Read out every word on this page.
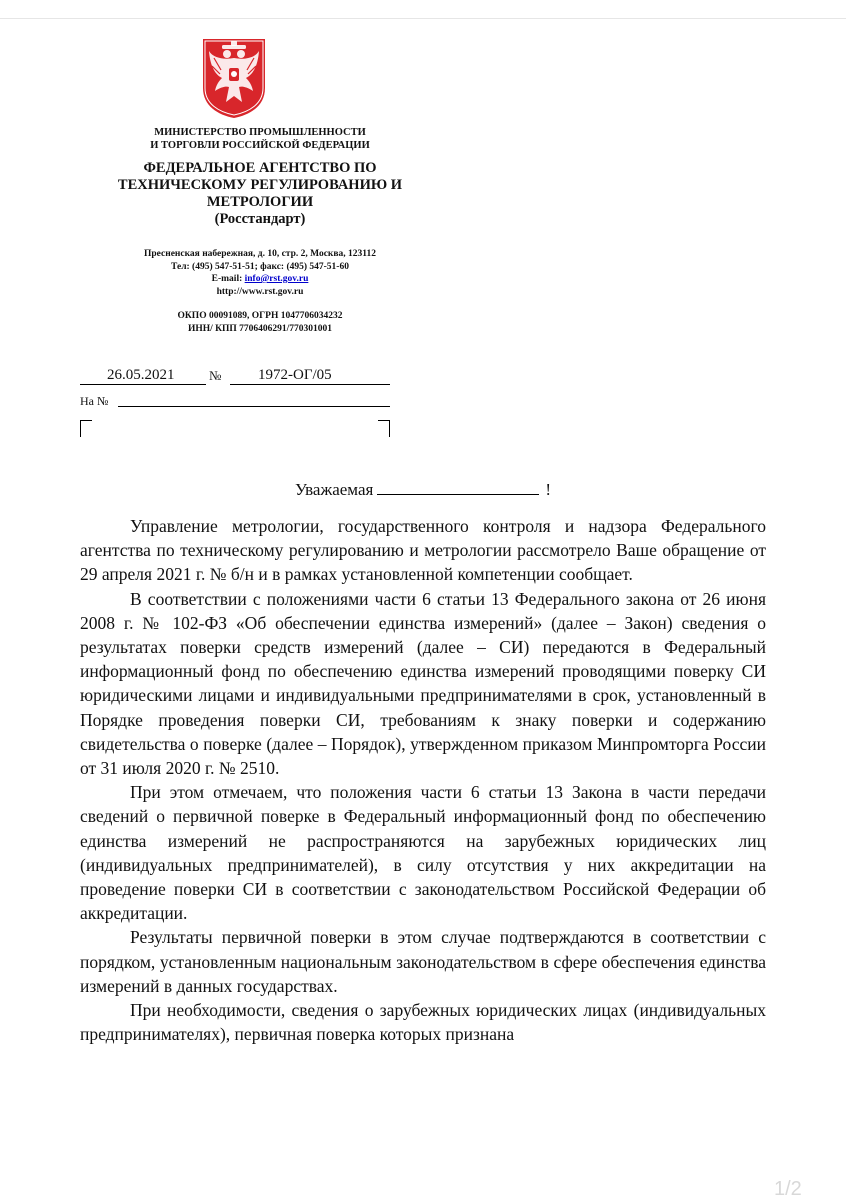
МИНИСТЕРСТВО ПРОМЫШЛЕННОСТИ
И ТОРГОВЛИ РОССИЙСКОЙ ФЕДЕРАЦИИ
ФЕДЕРАЛЬНОЕ АГЕНТСТВО ПО
ТЕХНИЧЕСКОМУ РЕГУЛИРОВАНИЮ И
МЕТРОЛОГИИ
(Росстандарт)
Пресненская набережная, д. 10, стр. 2, Москва, 123112
Тел: (495) 547-51-51; факс: (495) 547-51-60
E-mail: info@rst.gov.ru
http://www.rst.gov.ru
ОКПО 00091089, ОГРН 1047706034232
ИНН/ КПП 7706406291/770301001
26.05.2021	№ 1972-ОГ/05
На №
Уважаемая	!

Управление метрологии, государственного контроля и надзора Федерального агентства по техническому регулированию и метрологии рассмотрело Ваше обращение от 29 апреля 2021 г. № б/н и в рамках установленной компетенции сообщает.

В соответствии с положениями части 6 статьи 13 Федерального закона от 26 июня 2008 г. № 102-ФЗ «Об обеспечении единства измерений» (далее – Закон) сведения о результатах поверки средств измерений (далее – СИ) передаются в Федеральный информационный фонд по обеспечению единства измерений проводящими поверку СИ юридическими лицами и индивидуальными предпринимателями в срок, установленный в Порядке проведения поверки СИ, требованиям к знаку поверки и содержанию свидетельства о поверке (далее – Порядок), утвержденном приказом Минпромторга России от 31 июля 2020 г. № 2510.

При этом отмечаем, что положения части 6 статьи 13 Закона в части передачи сведений о первичной поверке в Федеральный информационный фонд по обеспечению единства измерений не распространяются на зарубежных юридических лиц (индивидуальных предпринимателей), в силу отсутствия у них аккредитации на проведение поверки СИ в соответствии с законодательством Российской Федерации об аккредитации.

Результаты первичной поверки в этом случае подтверждаются в соответствии с порядком, установленным национальным законодательством в сфере обеспечения единства измерений в данных государствах.

При необходимости, сведения о зарубежных юридических лицах (индивидуальных предпринимателях), первичная поверка которых признана

1/2
